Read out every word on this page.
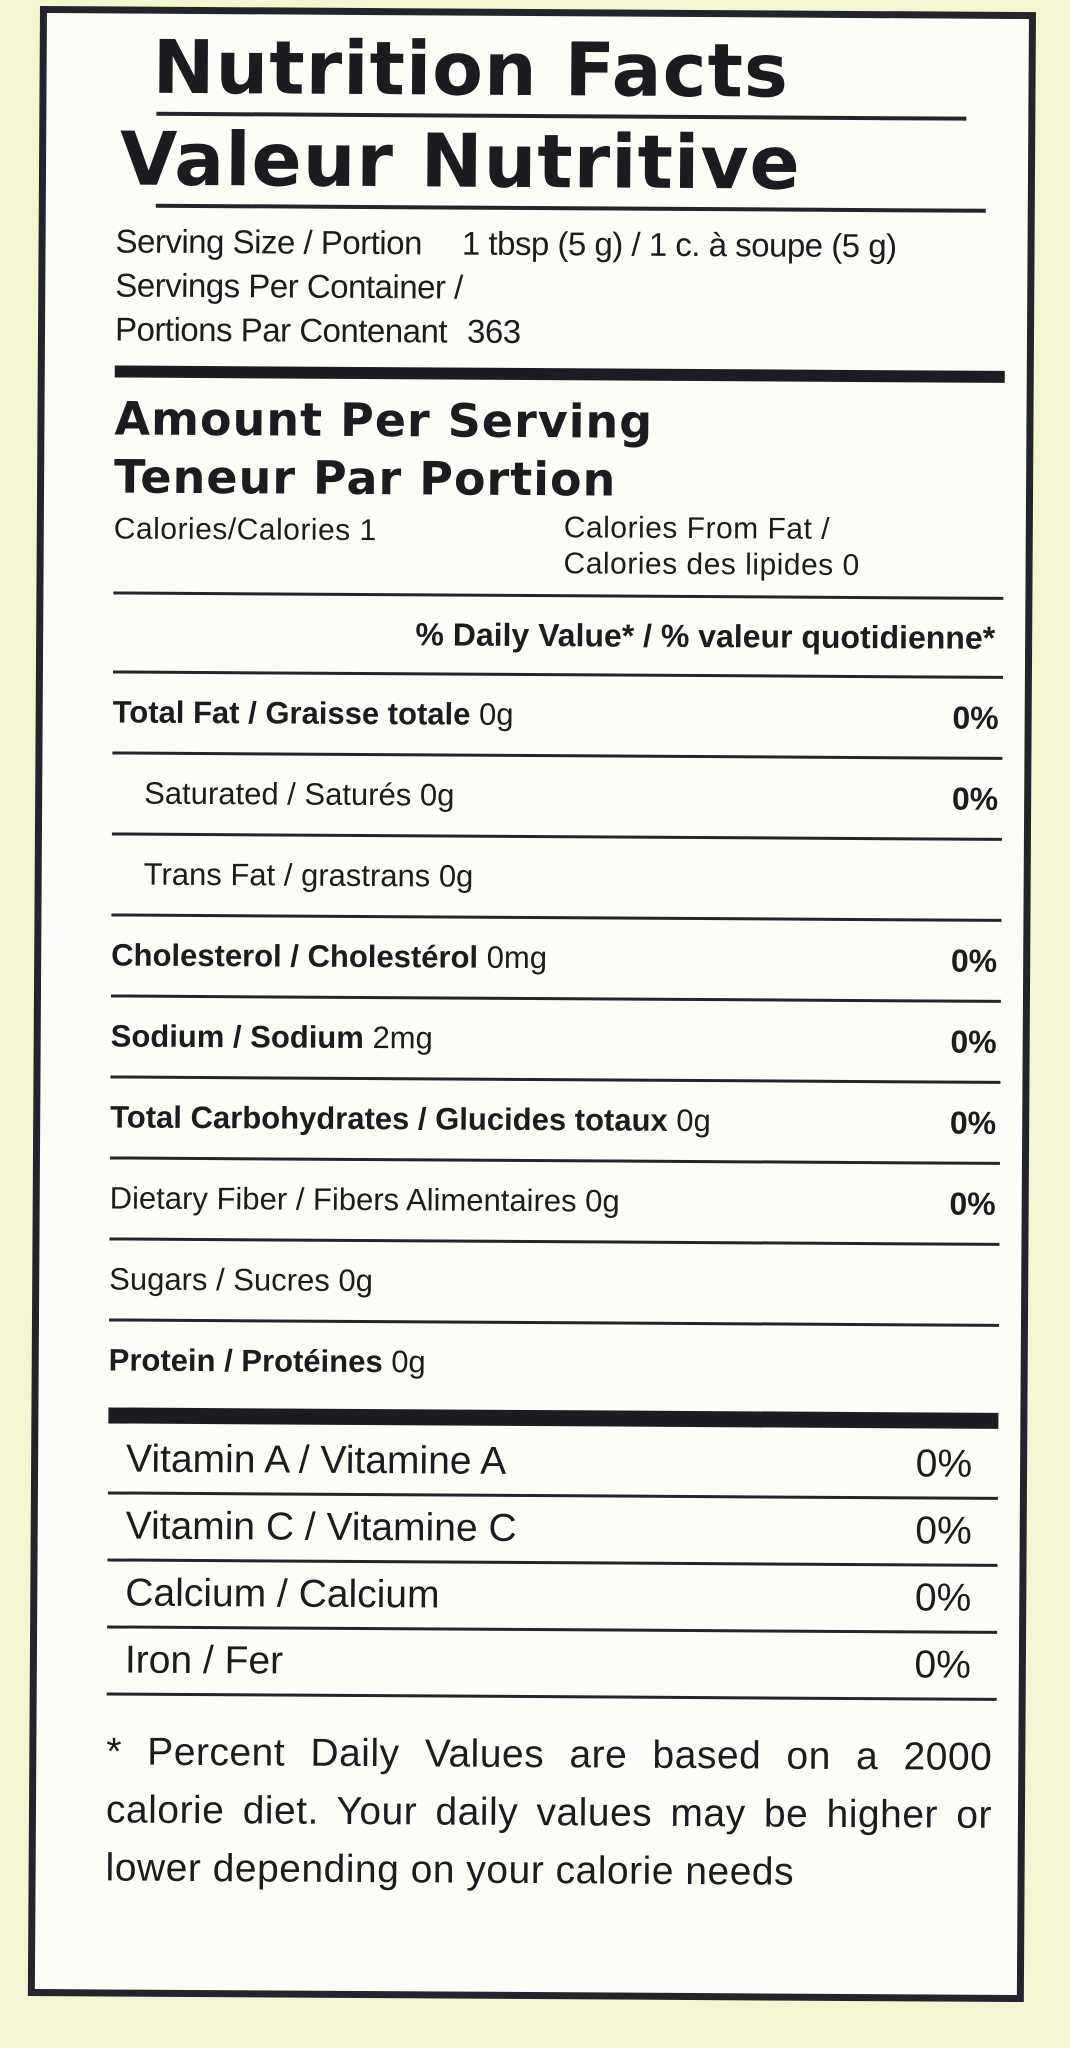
Nutrition Facts
Valeur Nutritive
Serving Size / Portion 1 tbsp (5 g) / 1 c. à soupe (5 g)
Servings Per Container /
Portions Par Contenant 363
Amount Per Serving
Teneur Par Portion
Calories/Calories 1	Calories From Fat /
Calories des lipides 0
% Daily Value* / % valeur quotidienne*
Total Fat / Graisse totale 0g	0%
Saturated / Saturés 0g	0%
Trans Fat / grastrans 0g
Cholesterol / Cholestérol 0mg	0%
Sodium / Sodium 2mg	0%
Total Carbohydrates / Glucides totaux 0g	0%
Dietary Fiber / Fibers Alimentaires 0g	0%
Sugars / Sucres 0g
Protein / Protéines 0g
Vitamin A / Vitamine A	0%
Vitamin C / Vitamine C	0%
Calcium / Calcium	0%
Iron / Fer	0%
* Percent Daily Values are based on a 2000 calorie diet. Your daily values may be higher or lower depending on your calorie needs
